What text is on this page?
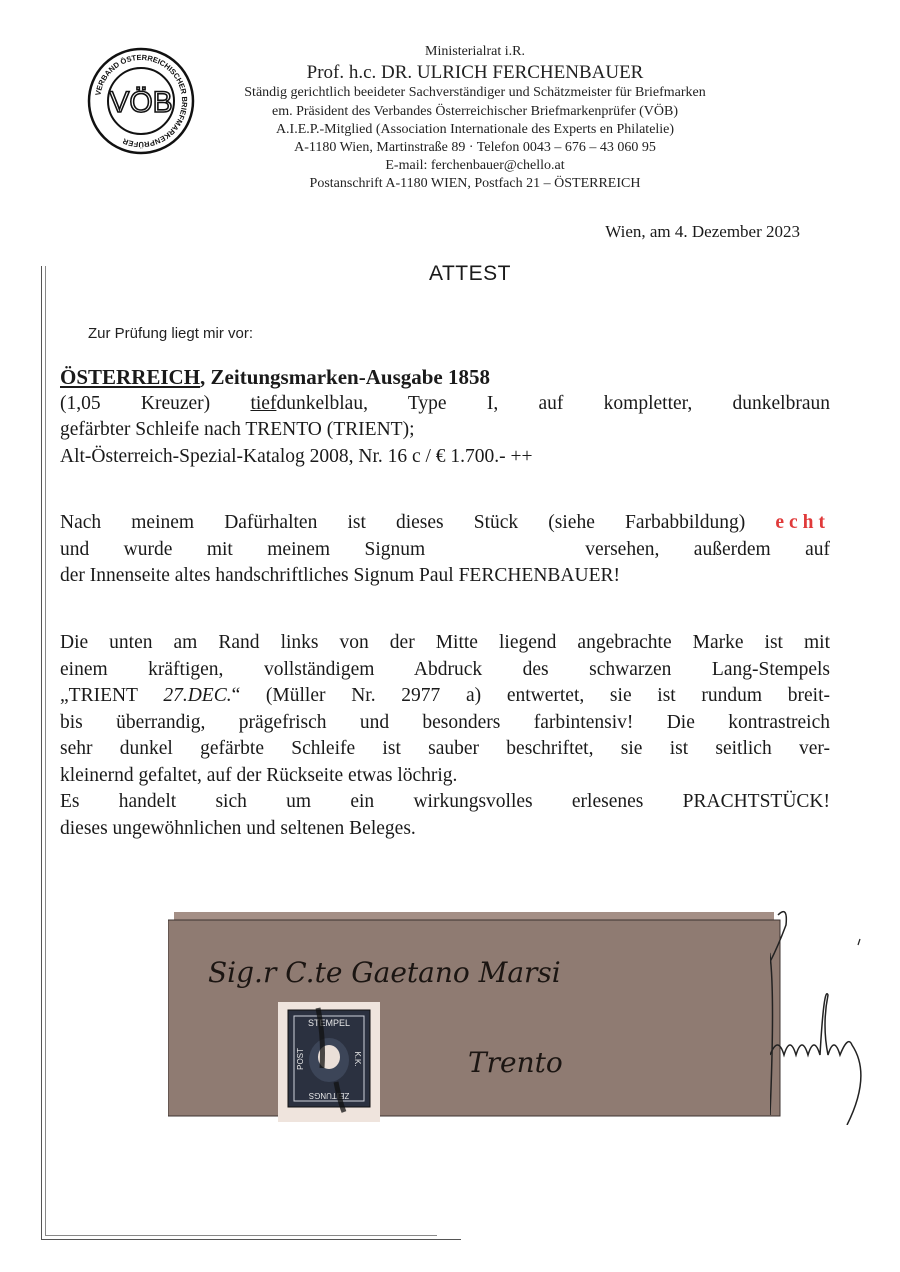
VERBAND ÖSTERREICHISCHER BRIEFMARKENPRÜFER
VÖB
Ministerialrat i.R.
Prof. h.c. DR. ULRICH FERCHENBAUER
Ständig gerichtlich beeideter Sachverständiger und Schätzmeister für Briefmarken
em. Präsident des Verbandes Österreichischer Briefmarkenprüfer (VÖB)
A.I.E.P.-Mitglied (Association Internationale des Experts en Philatelie)
A-1180 Wien, Martinstraße 89 · Telefon 0043 – 676 – 43 060 95
E-mail: ferchenbauer@chello.at
Postanschrift A-1180 WIEN, Postfach 21 – ÖSTERREICH
Wien, am 4. Dezember 2023
ATTEST
Zur Prüfung liegt mir vor:
ÖSTERREICH, Zeitungsmarken-Ausgabe 1858
(1,05 Kreuzer) tiefdunkelblau, Type I, auf kompletter, dunkelbraun
gefärbter Schleife nach TRENTO (TRIENT);
Alt-Österreich-Spezial-Katalog 2008, Nr. 16 c / € 1.700.- ++
Nach meinem Dafürhalten ist dieses Stück (siehe Farbabbildung) echt
und wurde mit meinem Signum	versehen, außerdem auf
der Innenseite altes handschriftliches Signum Paul FERCHENBAUER!
Die unten am Rand links von der Mitte liegend angebrachte Marke ist mit
einem kräftigen, vollständigem Abdruck des schwarzen Lang-Stempels
„TRIENT 27.DEC.“ (Müller Nr. 2977 a) entwertet, sie ist rundum breit-
bis überrandig, prägefrisch und besonders farbintensiv! Die kontrastreich
sehr dunkel gefärbte Schleife ist sauber beschriftet, sie ist seitlich ver-
kleinernd gefaltet, auf der Rückseite etwas löchrig.
Es handelt sich um ein wirkungsvolles erlesenes PRACHTSTÜCK!
dieses ungewöhnlichen und seltenen Beleges.
Sig.r C.te Gaetano Marsi
Trento
STEMPEL
ZEITUNGS
POST	K.K.
